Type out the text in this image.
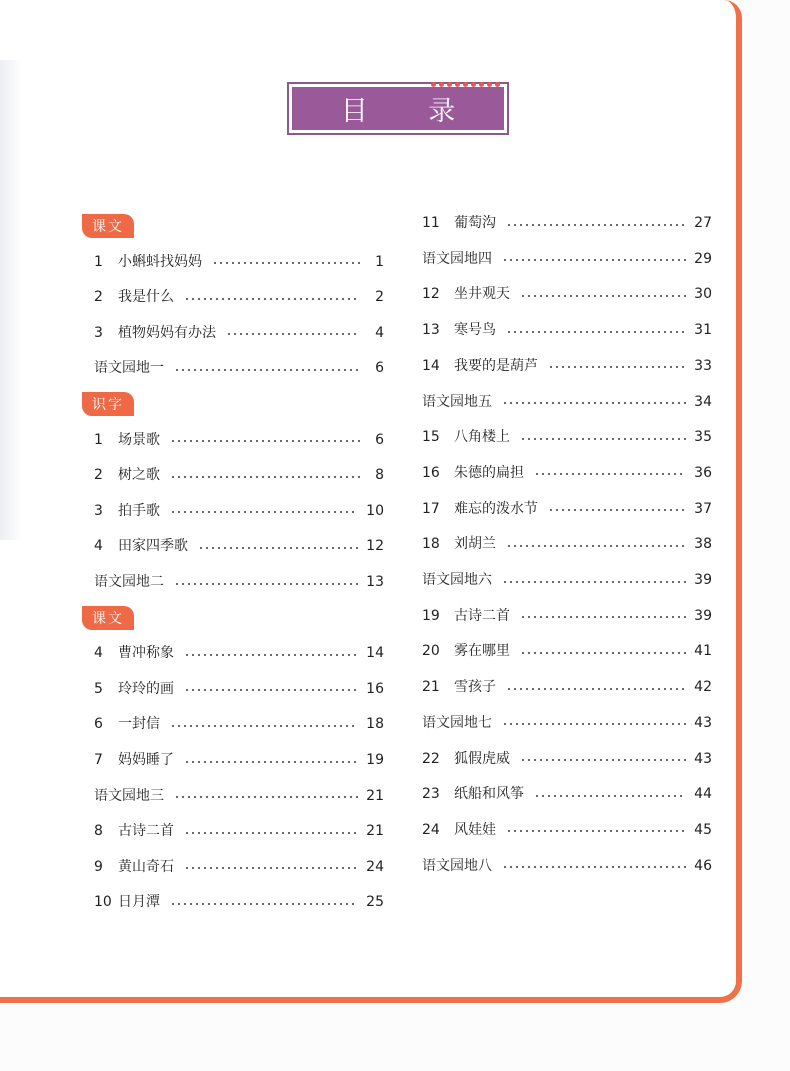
目 录
课文
1	小蝌蚪找妈妈	1
2	我是什么	2
3	植物妈妈有办法	4
语文园地一	6
识字
1	场景歌	6
2	树之歌	8
3	拍手歌	10
4	田家四季歌	12
语文园地二	13
课文
4	曹冲称象	14
5	玲玲的画	16
6	一封信	18
7	妈妈睡了	19
语文园地三	21
8	古诗二首	21
9	黄山奇石	24
10 日月潭	25
11	葡萄沟	27
语文园地四	29
12	坐井观天	30
13	寒号鸟	31
14	我要的是葫芦	33
语文园地五	34
15	八角楼上	35
16	朱德的扁担	36
17	难忘的泼水节	37
18	刘胡兰	38
语文园地六	39
19	古诗二首	39
20	雾在哪里	41
21	雪孩子	42
语文园地七	43
22	狐假虎威	43
23	纸船和风筝	44
24	风娃娃	45
语文园地八	46
